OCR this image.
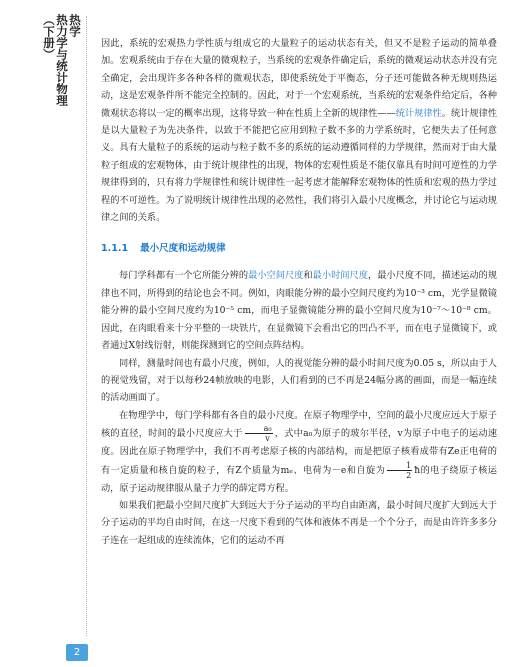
热学
热力学与统计物理
（下册）
2

因此，系统的宏观热力学性质与组成它的大量粒子的运动状态有关，但又不是粒子运动的简单叠加。宏观系统由于存在大量的微观粒子，当系统的宏观条件确定后，系统的微观运动状态并没有完全确定，会出现许多各种各样的微观状态，即使系统处于平衡态，分子还可能做各种无规则热运动，这是宏观条件所不能完全控制的。因此，对于一个宏观系统，当系统的宏观条件给定后，各种微观状态将以一定的概率出现，这将导致一种在性质上全新的规律性——统计规律性。统计规律性是以大量粒子为先决条件，以致于不能把它应用到粒子数不多的力学系统时，它便失去了任何意义。具有大量粒子的系统的运动与粒子数不多的系统的运动遵循同样的力学规律，然而对于由大量粒子组成的宏观物体，由于统计规律性的出现，物体的宏观性质是不能仅靠具有时间可逆性的力学规律得到的，只有将力学规律性和统计规律性一起考虑才能解释宏观物体的性质和宏观的热力学过程的不可逆性。为了说明统计规律性出现的必然性，我们将引入最小尺度概念，并讨论它与运动规律之间的关系。

1.1.1 最小尺度和运动规律

每门学科都有一个它所能分辨的最小空间尺度和最小时间尺度，最小尺度不同，描述运动的规律也不同，所得到的结论也会不同。例如，肉眼能分辨的最小空间尺度约为10⁻³ cm，光学显微镜能分辨的最小空间尺度约为10⁻⁵ cm，而电子显微镜能分辨的最小空间尺度为10⁻⁷～10⁻⁸ cm。因此，在肉眼看来十分平整的一块铁片，在显微镜下会看出它的凹凸不平，而在电子显微镜下，或者通过X射线衍射，则能探测到它的空间点阵结构。

同样，测量时间也有最小尺度，例如，人的视觉能分辨的最小时间尺度为0.05 s，所以由于人的视觉残留，对于以每秒24帧放映的电影，人们看到的已不再是24幅分离的画面，而是一幅连续的活动画面了。

在物理学中，每门学科都有各自的最小尺度。在原子物理学中，空间的最小尺度应远大于原子核的直径，时间的最小尺度应大于 $\frac{\text{a₀}}{v}$ ，式中a₀为原子的玻尔半径，v为原子中电子的运动速度。因此在原子物理学中，我们不再考虑原子核的内部结构，而是把原子核看成带有Ze正电荷的有一定质量和核自旋的粒子，有Z个质量为mₑ、电荷为－e和自旋为 $\frac{1}{2}$ ħ的电子绕原子核运动，原子运动规律服从量子力学的薛定谔方程。

如果我们把最小空间尺度扩大到远大于分子运动的平均自由距离，最小时间尺度扩大到远大于分子运动的平均自由时间，在这一尺度下看到的气体和液体不再是一个个分子，而是由许许多多分子连在一起组成的连续流体，它们的运动不再
